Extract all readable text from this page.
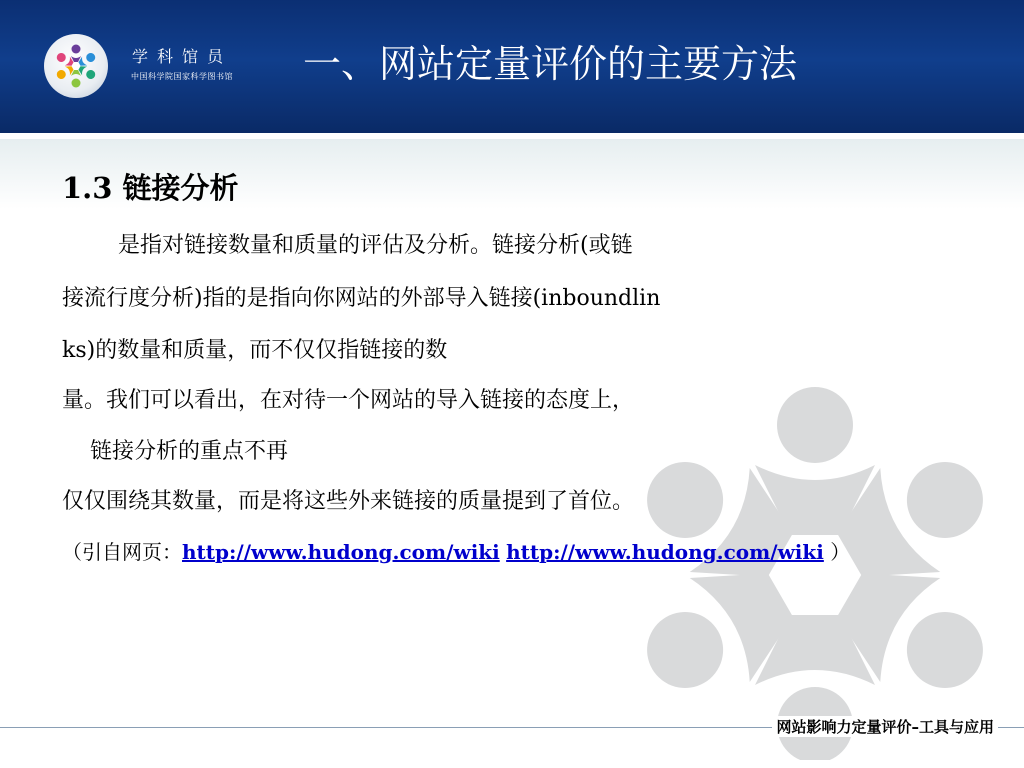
学科馆员
中国科学院国家科学图书馆 一、网站定量评价的主要方法
1.3 链接分析
是指对链接数量和质量的评估及分析。链接分析(或链
接流行度分析)指的是指向你网站的外部导入链接(inboundlin
ks)的数量和质量，而不仅仅指链接的数
量。我们可以看出，在对待一个网站的导入链接的态度上，
链接分析的重点不再
仅仅围绕其数量，而是将这些外来链接的质量提到了首位。
（引自网页：http://www.hudong.com/wiki http://www.hudong.com/wiki ）
网站影响力定量评价–工具与应用
